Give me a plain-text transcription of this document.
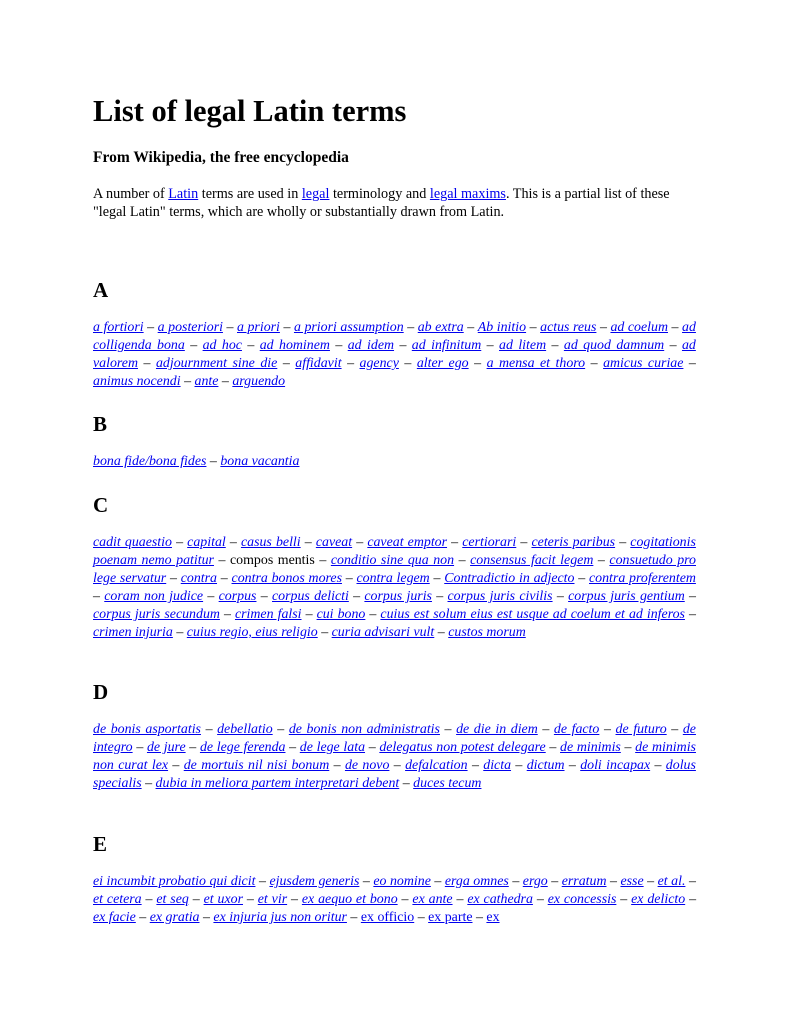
List of legal Latin terms

From Wikipedia, the free encyclopedia

A number of Latin terms are used in legal terminology and legal maxims. This is a partial list of these "legal Latin" terms, which are wholly or substantially drawn from Latin.

A

a fortiori – a posteriori – a priori – a priori assumption – ab extra – Ab initio – actus reus – ad coelum – ad colligenda bona – ad hoc – ad hominem – ad idem – ad infinitum – ad litem – ad quod damnum – ad valorem – adjournment sine die – affidavit – agency – alter ego – a mensa et thoro – amicus curiae – animus nocendi – ante – arguendo

B

bona fide/bona fides – bona vacantia

C

cadit quaestio – capital – casus belli – caveat – caveat emptor – certiorari – ceteris paribus – cogitationis poenam nemo patitur – compos mentis – conditio sine qua non – consensus facit legem – consuetudo pro lege servatur – contra – contra bonos mores – contra legem – Contradictio in adjecto – contra proferentem – coram non judice – corpus – corpus delicti – corpus juris – corpus juris civilis – corpus juris gentium – corpus juris secundum – crimen falsi – cui bono – cuius est solum eius est usque ad coelum et ad inferos – crimen injuria – cuius regio, eius religio – curia advisari vult – custos morum

D

de bonis asportatis – debellatio – de bonis non administratis – de die in diem – de facto – de futuro – de integro – de jure – de lege ferenda – de lege lata – delegatus non potest delegare – de minimis – de minimis non curat lex – de mortuis nil nisi bonum – de novo – defalcation – dicta – dictum – doli incapax – dolus specialis – dubia in meliora partem interpretari debent – duces tecum

E

ei incumbit probatio qui dicit – ejusdem generis – eo nomine – erga omnes – ergo – erratum – esse – et al. – et cetera – et seq – et uxor – et vir – ex aequo et bono – ex ante – ex cathedra – ex concessis – ex delicto – ex facie – ex gratia – ex injuria jus non oritur – ex officio – ex parte – ex
